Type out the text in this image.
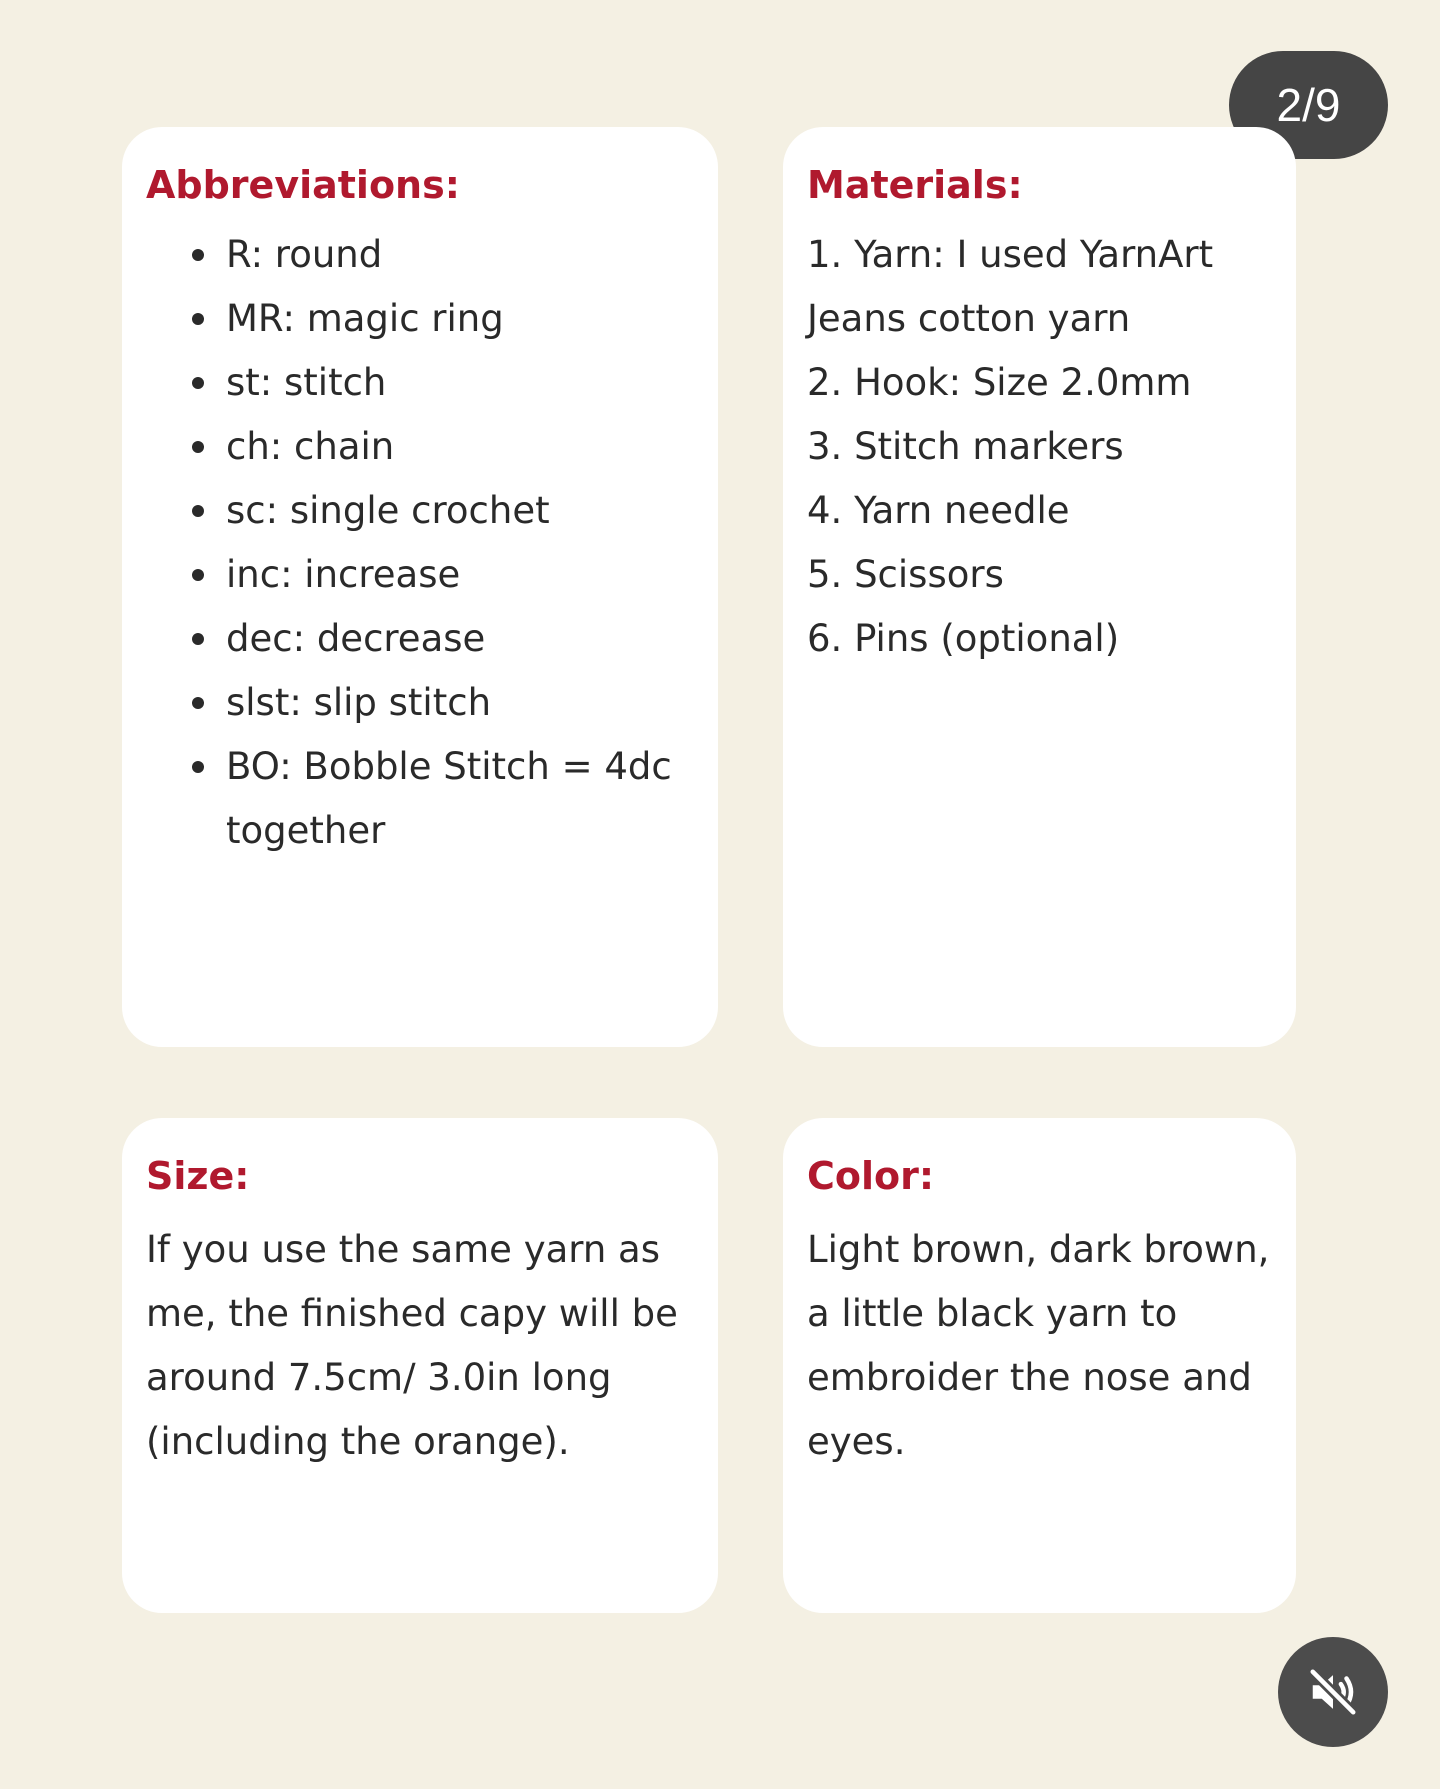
2/9
Abbreviations:
R: round
MR: magic ring
st: stitch
ch: chain
sc: single crochet
inc: increase
dec: decrease
slst: slip stitch
BO: Bobble Stitch = 4dc together
Materials:
1. Yarn: I used YarnArt Jeans cotton yarn
2. Hook: Size 2.0mm
3. Stitch markers
4. Yarn needle
5. Scissors
6. Pins (optional)
Size:

If you use the same yarn as me, the finished capy will be around 7.5cm/ 3.0in long (including the orange).

Color:

Light brown, dark brown, a little black yarn to embroider the nose and eyes.
